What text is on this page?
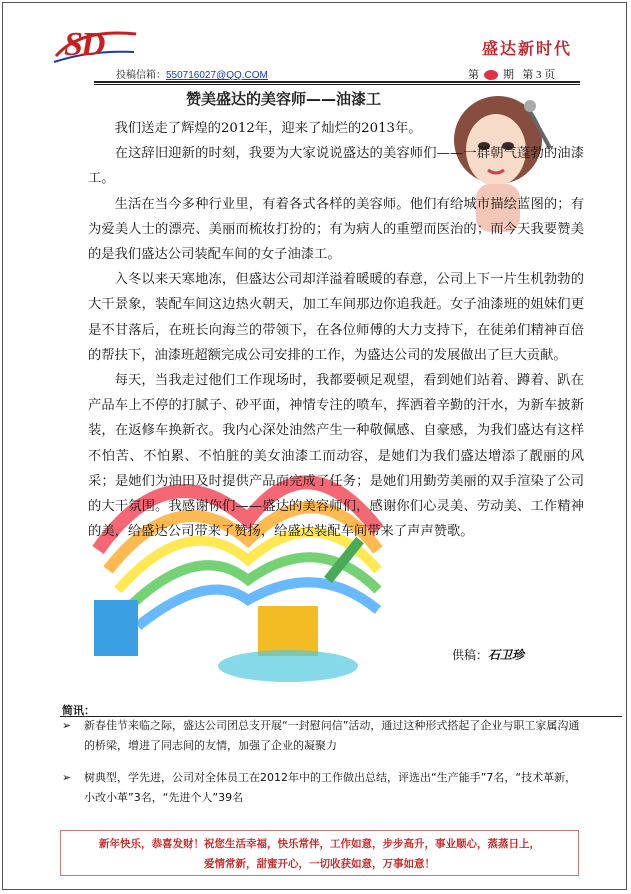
SD
投稿信箱：550716027@QQ.COM
盛达新时代
第 期 第 3 页
赞美盛达的美容师——油漆工

我们送走了辉煌的2012年，迎来了灿烂的2013年。

在这辞旧迎新的时刻，我要为大家说说盛达的美容师们——一群朝气蓬勃的油漆工。

生活在当今多种行业里，有着各式各样的美容师。他们有给城市描绘蓝图的；有为爱美人士的漂亮、美丽而梳妆打扮的；有为病人的重塑而医治的；而今天我要赞美的是我们盛达公司装配车间的女子油漆工。

入冬以来天寒地冻，但盛达公司却洋溢着暖暖的春意，公司上下一片生机勃勃的大干景象，装配车间这边热火朝天，加工车间那边你追我赶。女子油漆班的姐妹们更是不甘落后，在班长向海兰的带领下，在各位师傅的大力支持下，在徒弟们精神百倍的帮扶下，油漆班超额完成公司安排的工作，为盛达公司的发展做出了巨大贡献。

每天，当我走过他们工作现场时，我都要顿足观望，看到她们站着、蹲着、趴在产品车上不停的打腻子、砂平面，神情专注的喷车，挥洒着辛勤的汗水，为新车披新装，在返修车换新衣。我内心深处油然产生一种敬佩感、自豪感，为我们盛达有这样不怕苦、不怕累、不怕脏的美女油漆工而动容，是她们为我们盛达增添了靓丽的风采；是她们为油田及时提供产品而完成了任务；是她们用勤劳美丽的双手渲染了公司的大干氛围。我感谢你们——盛达的美容师们，感谢你们心灵美、劳动美、工作精神的美，给盛达公司带来了赞扬，给盛达装配车间带来了声声赞歌。

供稿：石卫珍
简讯：
➢	新春佳节来临之际，盛达公司团总支开展“一封慰问信”活动，通过这种形式搭起了企业与职工家属沟通的桥梁，增进了同志间的友情，加强了企业的凝聚力
➢	树典型，学先进，公司对全体员工在2012年中的工作做出总结，评选出“生产能手”7名，“技术革新，小改小革”3名，“先进个人”39名
新年快乐，恭喜发财！祝您生活幸福，快乐常伴，工作如意，步步高升，事业顺心，蒸蒸日上，
爱情常新，甜蜜开心，一切收获如意，万事如意！
